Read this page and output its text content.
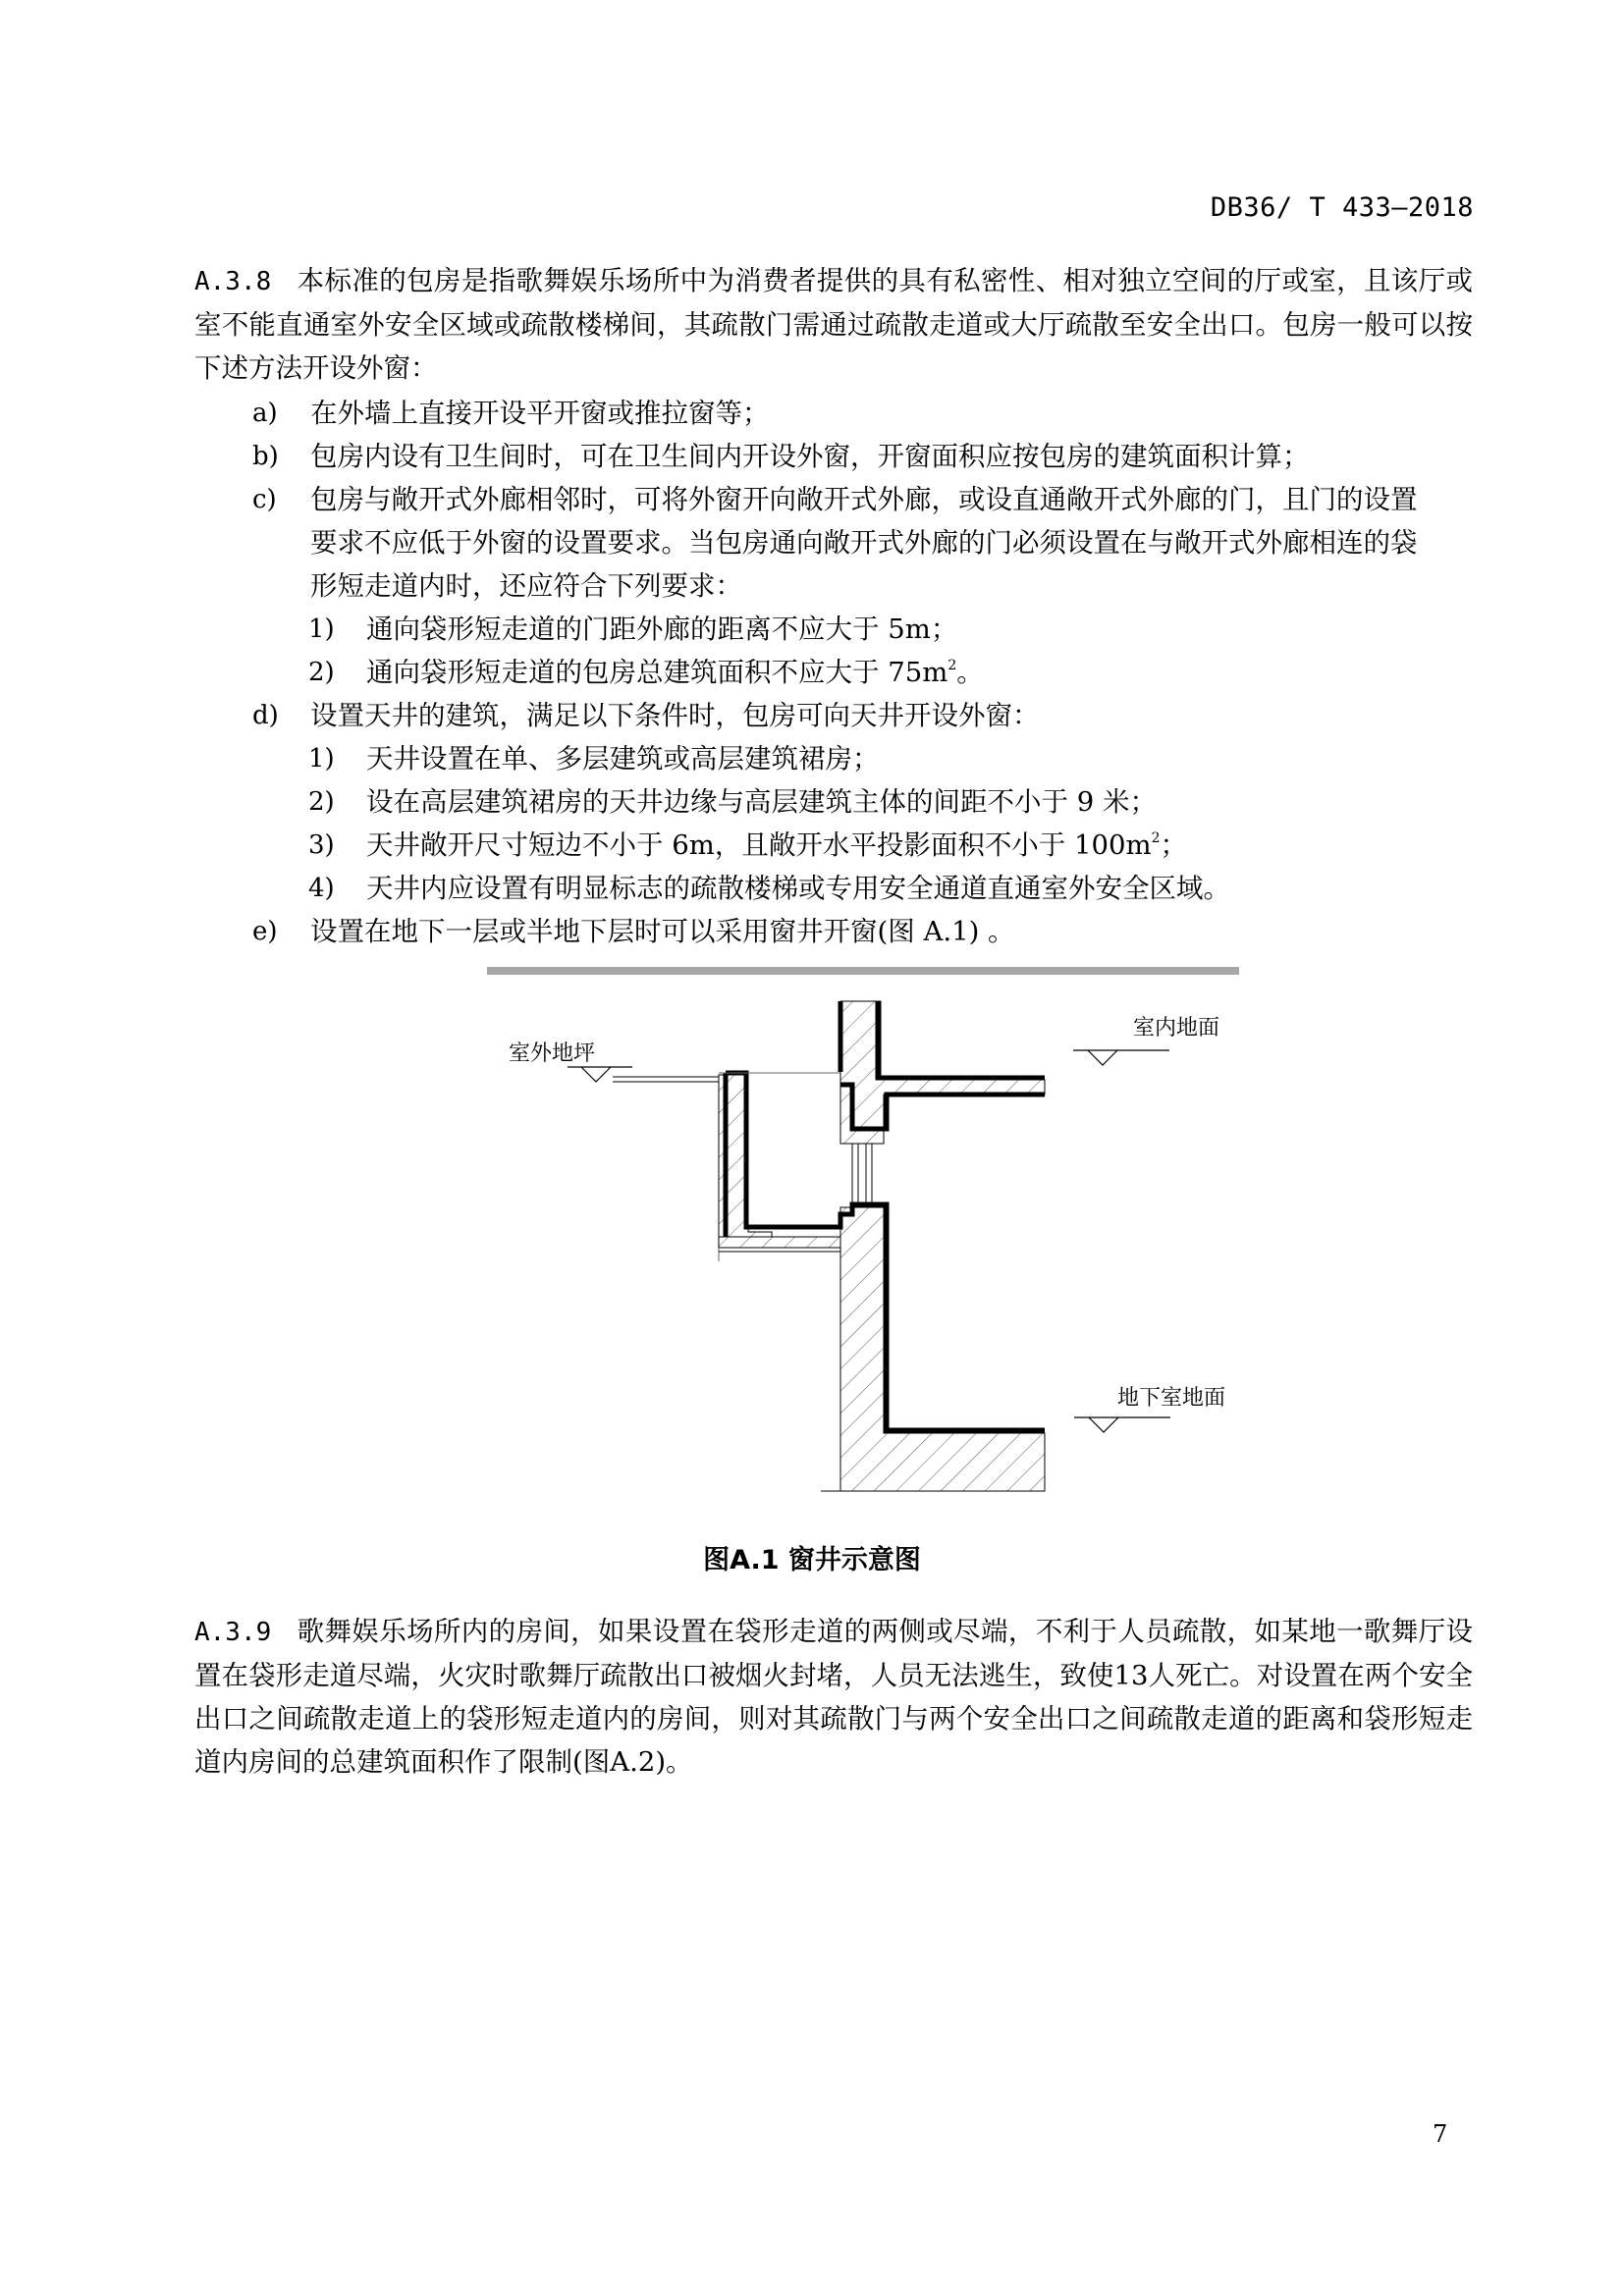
DB36/ T 433—2018
A.3.8 本标准的包房是指歌舞娱乐场所中为消费者提供的具有私密性、相对独立空间的厅或室，且该厅或室不能直通室外安全区域或疏散楼梯间，其疏散门需通过疏散走道或大厅疏散至安全出口。包房一般可以按下述方法开设外窗：
a) 在外墙上直接开设平开窗或推拉窗等；
b) 包房内设有卫生间时，可在卫生间内开设外窗，开窗面积应按包房的建筑面积计算；
c) 包房与敞开式外廊相邻时，可将外窗开向敞开式外廊，或设直通敞开式外廊的门，且门的设置
要求不应低于外窗的设置要求。当包房通向敞开式外廊的门必须设置在与敞开式外廊相连的袋
形短走道内时，还应符合下列要求：
1) 通向袋形短走道的门距外廊的距离不应大于 5m；
2) 通向袋形短走道的包房总建筑面积不应大于 $75m^2$。
d) 设置天井的建筑，满足以下条件时，包房可向天井开设外窗：
1) 天井设置在单、多层建筑或高层建筑裙房；
2) 设在高层建筑裙房的天井边缘与高层建筑主体的间距不小于 9 米；
3) 天井敞开尺寸短边不小于 6m，且敞开水平投影面积不小于 $100m^2$；
4) 天井内应设置有明显标志的疏散楼梯或专用安全通道直通室外安全区域。
e) 设置在地下一层或半地下层时可以采用窗井开窗(图 A.1) 。
室外地坪
室内地面
地下室地面
图A.1 窗井示意图
A.3.9 歌舞娱乐场所内的房间，如果设置在袋形走道的两侧或尽端，不利于人员疏散，如某地一歌舞厅设置在袋形走道尽端，火灾时歌舞厅疏散出口被烟火封堵，人员无法逃生，致使13人死亡。对设置在两个安全出口之间疏散走道上的袋形短走道内的房间，则对其疏散门与两个安全出口之间疏散走道的距离和袋形短走道内房间的总建筑面积作了限制(图A.2)。
7
